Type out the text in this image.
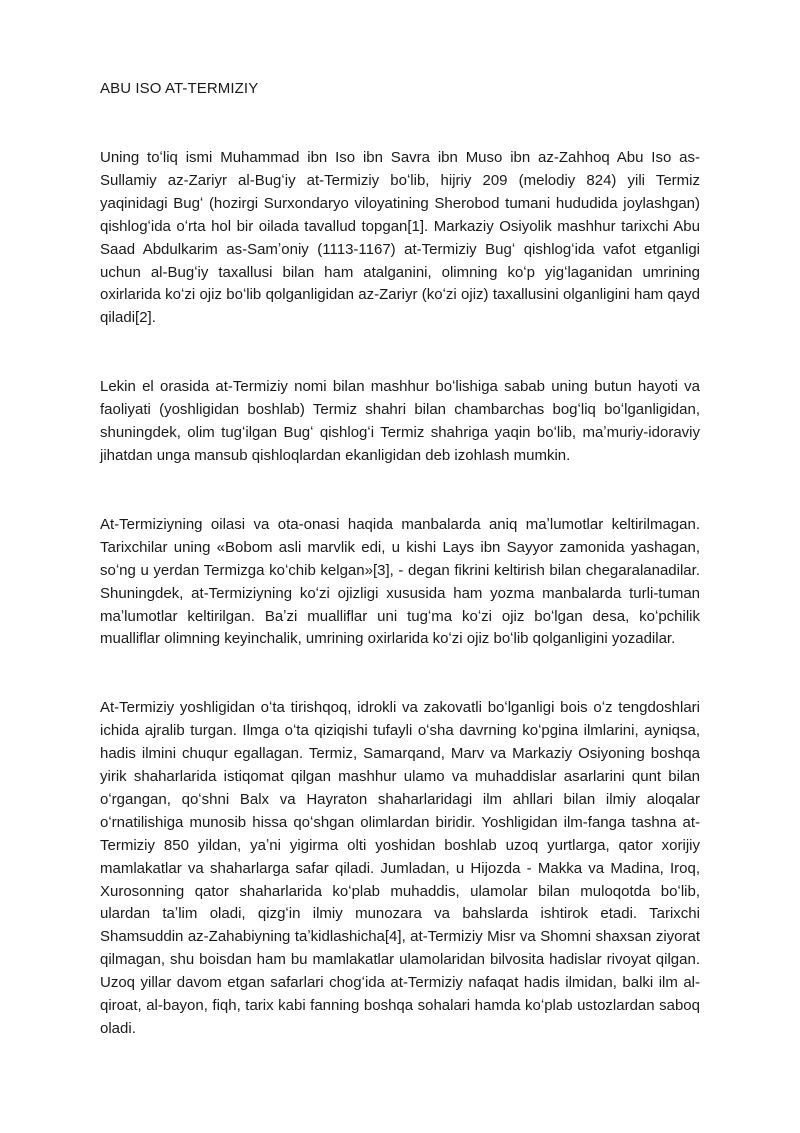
ABU ISO AT-TERMIZIY

Uning toʻliq ismi Muhammad ibn Iso ibn Savra ibn Muso ibn az-Zahhoq Abu Iso as-Sullamiy az-Zariyr al-Bugʻiy at-Termiziy boʻlib, hijriy 209 (melodiy 824) yili Termiz yaqinidagi Bugʻ (hozirgi Surxondaryo viloyatining Sherobod tumani hududida joylashgan) qishlogʻida oʻrta hol bir oilada tavallud topgan[1]. Markaziy Osiyolik mashhur tarixchi Abu Saad Abdulkarim as-Samʼoniy (1113-1167) at-Termiziy Bugʻ qishlogʻida vafot etganligi uchun al-Bugʻiy taxallusi bilan ham atalganini, olimning koʻp yigʻlaganidan umrining oxirlarida koʻzi ojiz boʻlib qolganligidan az-Zariyr (koʻzi ojiz) taxallusini olganligini ham qayd qiladi[2].

Lekin el orasida at-Termiziy nomi bilan mashhur boʻlishiga sabab uning butun hayoti va faoliyati (yoshligidan boshlab) Termiz shahri bilan chambarchas bogʻliq boʻlganligidan, shuningdek, olim tugʻilgan Bugʻ qishlogʻi Termiz shahriga yaqin boʻlib, maʼmuriy-idoraviy jihatdan unga mansub qishloqlardan ekanligidan deb izohlash mumkin.

At-Termiziyning oilasi va ota-onasi haqida manbalarda aniq maʼlumotlar keltirilmagan. Tarixchilar uning «Bobom asli marvlik edi, u kishi Lays ibn Sayyor zamonida yashagan, soʻng u yerdan Termizga koʻchib kelgan»[3], - degan fikrini keltirish bilan chegaralanadilar. Shuningdek, at-Termiziyning koʻzi ojizligi xususida ham yozma manbalarda turli-tuman maʼlumotlar keltirilgan. Baʼzi mualliflar uni tugʻma koʻzi ojiz boʻlgan desa, koʻpchilik mualliflar olimning keyinchalik, umrining oxirlarida koʻzi ojiz boʻlib qolganligini yozadilar.

At-Termiziy yoshligidan oʻta tirishqoq, idrokli va zakovatli boʻlganligi bois oʻz tengdoshlari ichida ajralib turgan. Ilmga oʻta qiziqishi tufayli oʻsha davrning koʻpgina ilmlarini, ayniqsa, hadis ilmini chuqur egallagan. Termiz, Samarqand, Marv va Markaziy Osiyoning boshqa yirik shaharlarida istiqomat qilgan mashhur ulamo va muhaddislar asarlarini qunt bilan oʻrgangan, qoʻshni Balx va Hayraton shaharlaridagi ilm ahllari bilan ilmiy aloqalar oʻrnatilishiga munosib hissa qoʻshgan olimlardan biridir. Yoshligidan ilm-fanga tashna at-Termiziy 850 yildan, yaʼni yigirma olti yoshidan boshlab uzoq yurtlarga, qator xorijiy mamlakatlar va shaharlarga safar qiladi. Jumladan, u Hijozda - Makka va Madina, Iroq, Xurosonning qator shaharlarida koʻplab muhaddis, ulamolar bilan muloqotda boʻlib, ulardan taʼlim oladi, qizgʻin ilmiy munozara va bahslarda ishtirok etadi. Tarixchi Shamsuddin az-Zahabiyning taʼkidlashicha[4], at-Termiziy Misr va Shomni shaxsan ziyorat qilmagan, shu boisdan ham bu mamlakatlar ulamolaridan bilvosita hadislar rivoyat qilgan. Uzoq yillar davom etgan safarlari chogʻida at-Termiziy nafaqat hadis ilmidan, balki ilm al-qiroat, al-bayon, fiqh, tarix kabi fanning boshqa sohalari hamda koʻplab ustozlardan saboq oladi.
